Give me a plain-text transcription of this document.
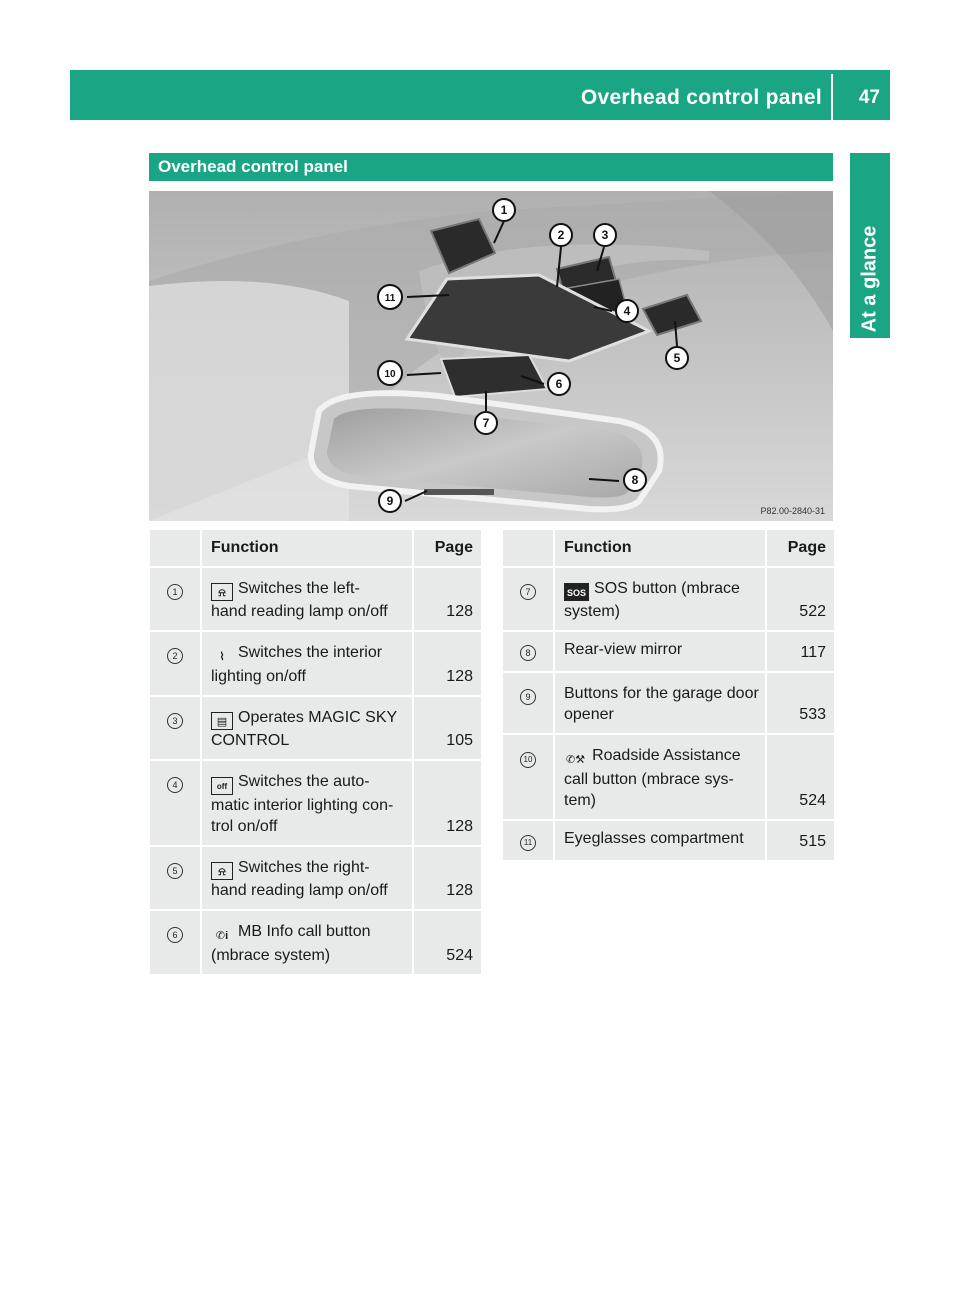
Overhead control panel 47
At a glance
Overhead control panel
1
2	3
4
5
6
7
8
9
10
11
P82.00-2840-31
	Function	Page
1	⍾ Switches the left-
hand reading lamp on/off	128
2	⌇ Switches the interior
lighting on/off	128
3	▤ Operates MAGIC SKY
CONTROL	105
4	off Switches the auto-
matic interior lighting con-
trol on/off	128
5	⍾ Switches the right-
hand reading lamp on/off	128
6	✆i MB Info call button
(mbrace system)	524
	Function	Page
7	SOS SOS button (mbrace
system)	522
8	Rear-view mirror	117
9	Buttons for the garage door
opener	533
10	✆⚒ Roadside Assistance
call button (mbrace sys-
tem)	524
11	Eyeglasses compartment	515
